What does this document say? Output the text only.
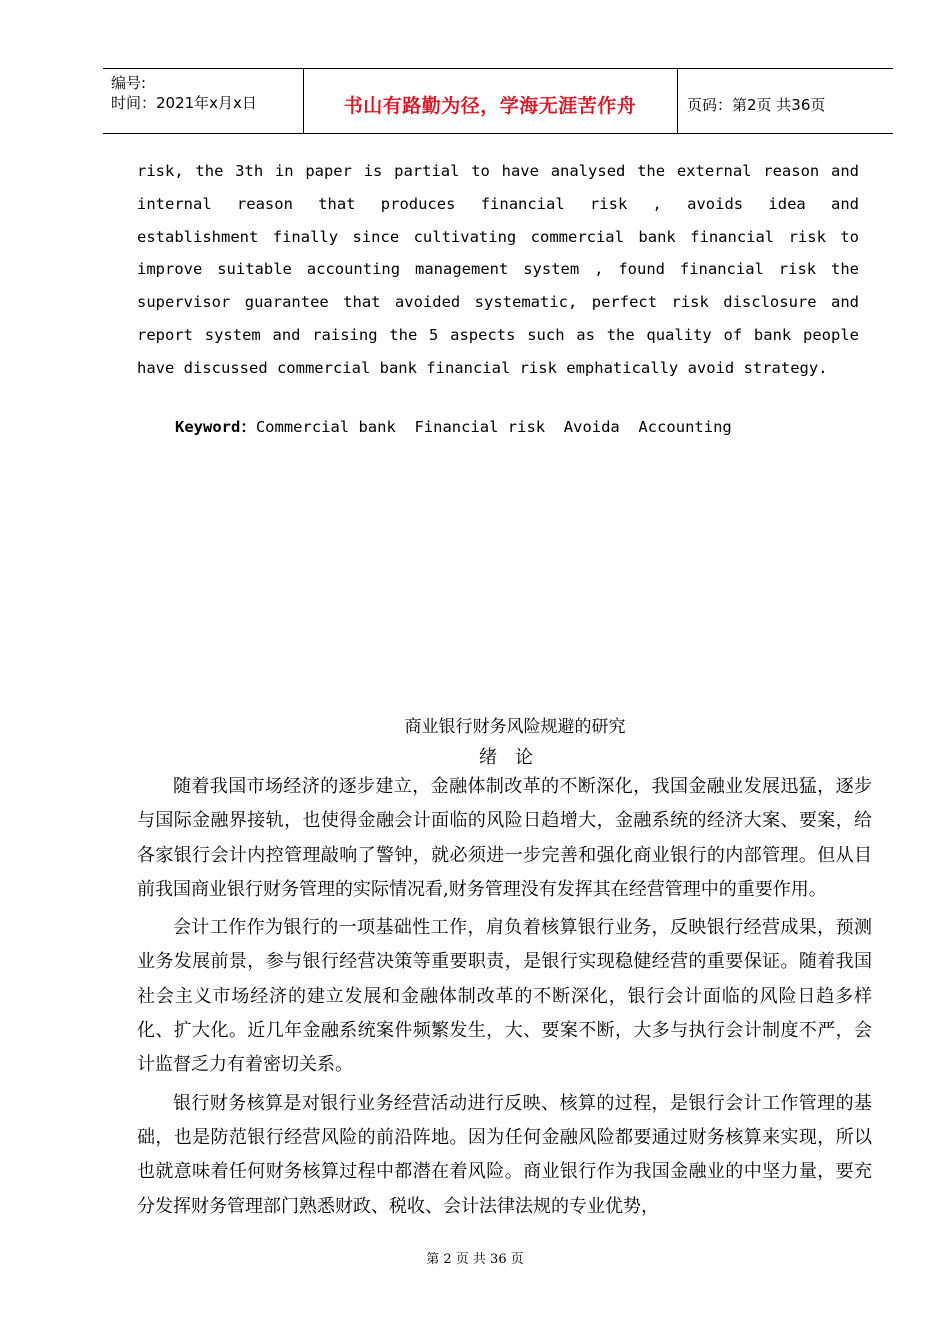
编号:
时间：2021年x月x日	书山有路勤为径，学海无涯苦作舟	页码：第2页 共36页
risk, the 3th in paper is partial to have analysed the external reason and
internal reason that produces financial risk , avoids idea and
establishment finally since cultivating commercial bank financial risk to
improve suitable accounting management system , found financial risk the
supervisor guarantee that avoided systematic, perfect risk disclosure and
report system and raising the 5 aspects such as the quality of bank people
have discussed commercial bank financial risk emphatically avoid strategy.
Keyword：Commercial bank  Financial risk  Avoida  Accounting
商业银行财务风险规避的研究
绪论

随着我国市场经济的逐步建立，金融体制改革的不断深化，我国金融业发展迅猛，逐步与国际金融界接轨，也使得金融会计面临的风险日趋增大，金融系统的经济大案、要案，给各家银行会计内控管理敲响了警钟，就必须进一步完善和强化商业银行的内部管理。但从目前我国商业银行财务管理的实际情况看,财务管理没有发挥其在经营管理中的重要作用。

会计工作作为银行的一项基础性工作，肩负着核算银行业务，反映银行经营成果，预测业务发展前景，参与银行经营决策等重要职责，是银行实现稳健经营的重要保证。随着我国社会主义市场经济的建立发展和金融体制改革的不断深化，银行会计面临的风险日趋多样化、扩大化。近几年金融系统案件频繁发生，大、要案不断，大多与执行会计制度不严，会计监督乏力有着密切关系。

银行财务核算是对银行业务经营活动进行反映、核算的过程，是银行会计工作管理的基础，也是防范银行经营风险的前沿阵地。因为任何金融风险都要通过财务核算来实现，所以也就意味着任何财务核算过程中都潜在着风险。商业银行作为我国金融业的中坚力量，要充分发挥财务管理部门熟悉财政、税收、会计法律法规的专业优势，

第 2 页 共 36 页
